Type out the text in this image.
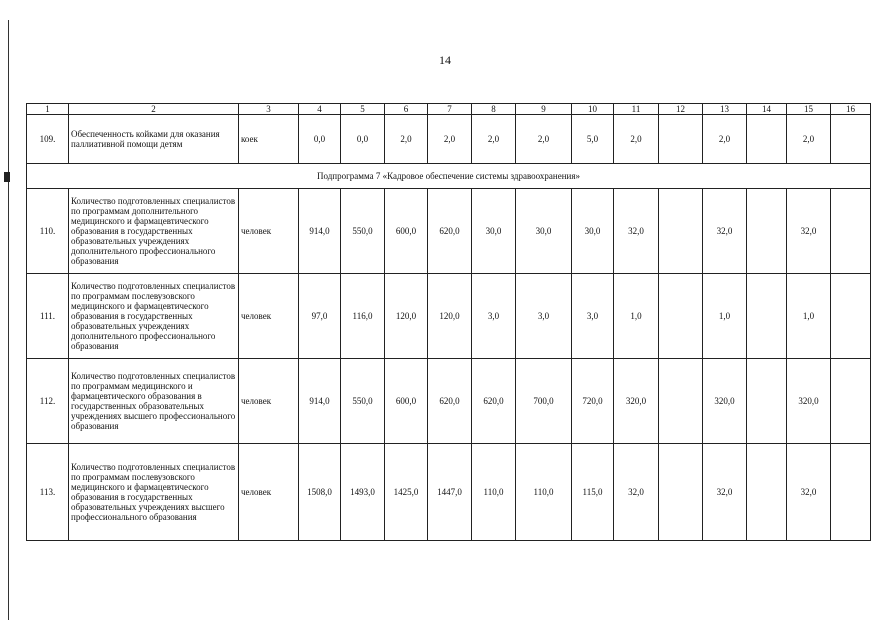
14
1	2	3	4	5	6	7	8	9	10	11	12	13	14	15	16
109.	Обеспеченность койками для оказания паллиативной помощи детям	коек	0,0	0,0	2,0	2,0	2,0	2,0	5,0	2,0		2,0		2,0	
Подпрограмма 7 «Кадровое обеспечение системы здравоохранения»															
110.	Количество подготовленных специалистов по программам дополнительного медицинского и фармацевтического образования в государственных образовательных учреждениях дополнительного профессионального образования	человек	914,0	550,0	600,0	620,0	30,0	30,0	30,0	32,0		32,0		32,0	
111.	Количество подготовленных специалистов по программам послевузовского медицинского и фармацевтического образования в государственных образовательных учреждениях дополнительного профессионального образования	человек	97,0	116,0	120,0	120,0	3,0	3,0	3,0	1,0		1,0		1,0	
112.	Количество подготовленных специалистов по программам медицинского и фармацевтического образования в государственных образовательных учреждениях высшего профессионального образования	человек	914,0	550,0	600,0	620,0	620,0	700,0	720,0	320,0		320,0		320,0	
113.	Количество подготовленных специалистов по программам послевузовского медицинского и фармацевтического образования в государственных образовательных учреждениях высшего профессионального образования	человек	1508,0	1493,0	1425,0	1447,0	110,0	110,0	115,0	32,0		32,0		32,0	
